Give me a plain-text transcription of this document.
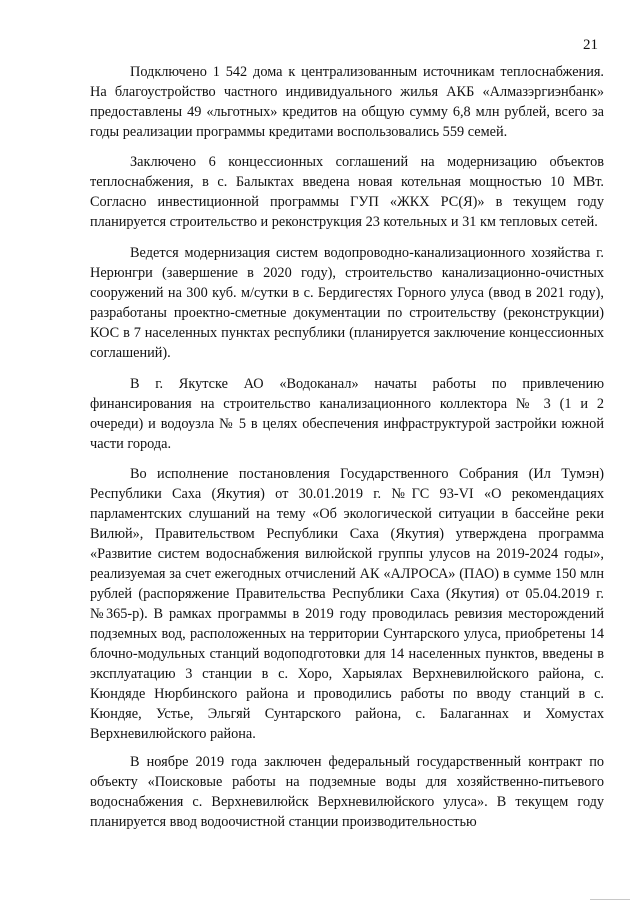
21

Подключено 1 542 дома к централизованным источникам теплоснабжения. На благоустройство частного индивидуального жилья АКБ «Алмазэргиэнбанк» предоставлены 49 «льготных» кредитов на общую сумму 6,8 млн рублей, всего за годы реализации программы кредитами воспользовались 559 семей.

Заключено 6 концессионных соглашений на модернизацию объектов теплоснабжения, в с. Балыктах введена новая котельная мощностью 10 МВт. Согласно инвестиционной программы ГУП «ЖКХ РС(Я)» в текущем году планируется строительство и реконструкция 23 котельных и 31 км тепловых сетей.

Ведется модернизация систем водопроводно-канализационного хозяйства г. Нерюнгри (завершение в 2020 году), строительство канализационно-очистных сооружений на 300 куб. м/сутки в с. Бердигестях Горного улуса (ввод в 2021 году), разработаны проектно-сметные документации по строительству (реконструкции) КОС в 7 населенных пунктах республики (планируется заключение концессионных соглашений).

В г. Якутске АО «Водоканал» начаты работы по привлечению финансирования на строительство канализационного коллектора № 3 (1 и 2 очереди) и водоузла № 5 в целях обеспечения инфраструктурой застройки южной части города.

Во исполнение постановления Государственного Собрания (Ил Тумэн) Республики Саха (Якутия) от 30.01.2019 г. №ГС 93-VI «О рекомендациях парламентских слушаний на тему «Об экологической ситуации в бассейне реки Вилюй», Правительством Республики Саха (Якутия) утверждена программа «Развитие систем водоснабжения вилюйской группы улусов на 2019-2024 годы», реализуемая за счет ежегодных отчислений АК «АЛРОСА» (ПАО) в сумме 150 млн рублей (распоряжение Правительства Республики Саха (Якутия) от 05.04.2019 г. №365-р). В рамках программы в 2019 году проводилась ревизия месторождений подземных вод, расположенных на территории Сунтарского улуса, приобретены 14 блочно-модульных станций водоподготовки для 14 населенных пунктов, введены в эксплуатацию 3 станции в с. Хоро, Харыялах Верхневилюйского района, с. Кюндяде Нюрбинского района и проводились работы по вводу станций в с. Кюндяе, Устье, Эльгяй Сунтарского района, с. Балаганнах и Хомустах Верхневилюйского района.

В ноябре 2019 года заключен федеральный государственный контракт по объекту «Поисковые работы на подземные воды для хозяйственно-питьевого водоснабжения с. Верхневилюйск Верхневилюйского улуса». В текущем году планируется ввод водоочистной станции производительностью
